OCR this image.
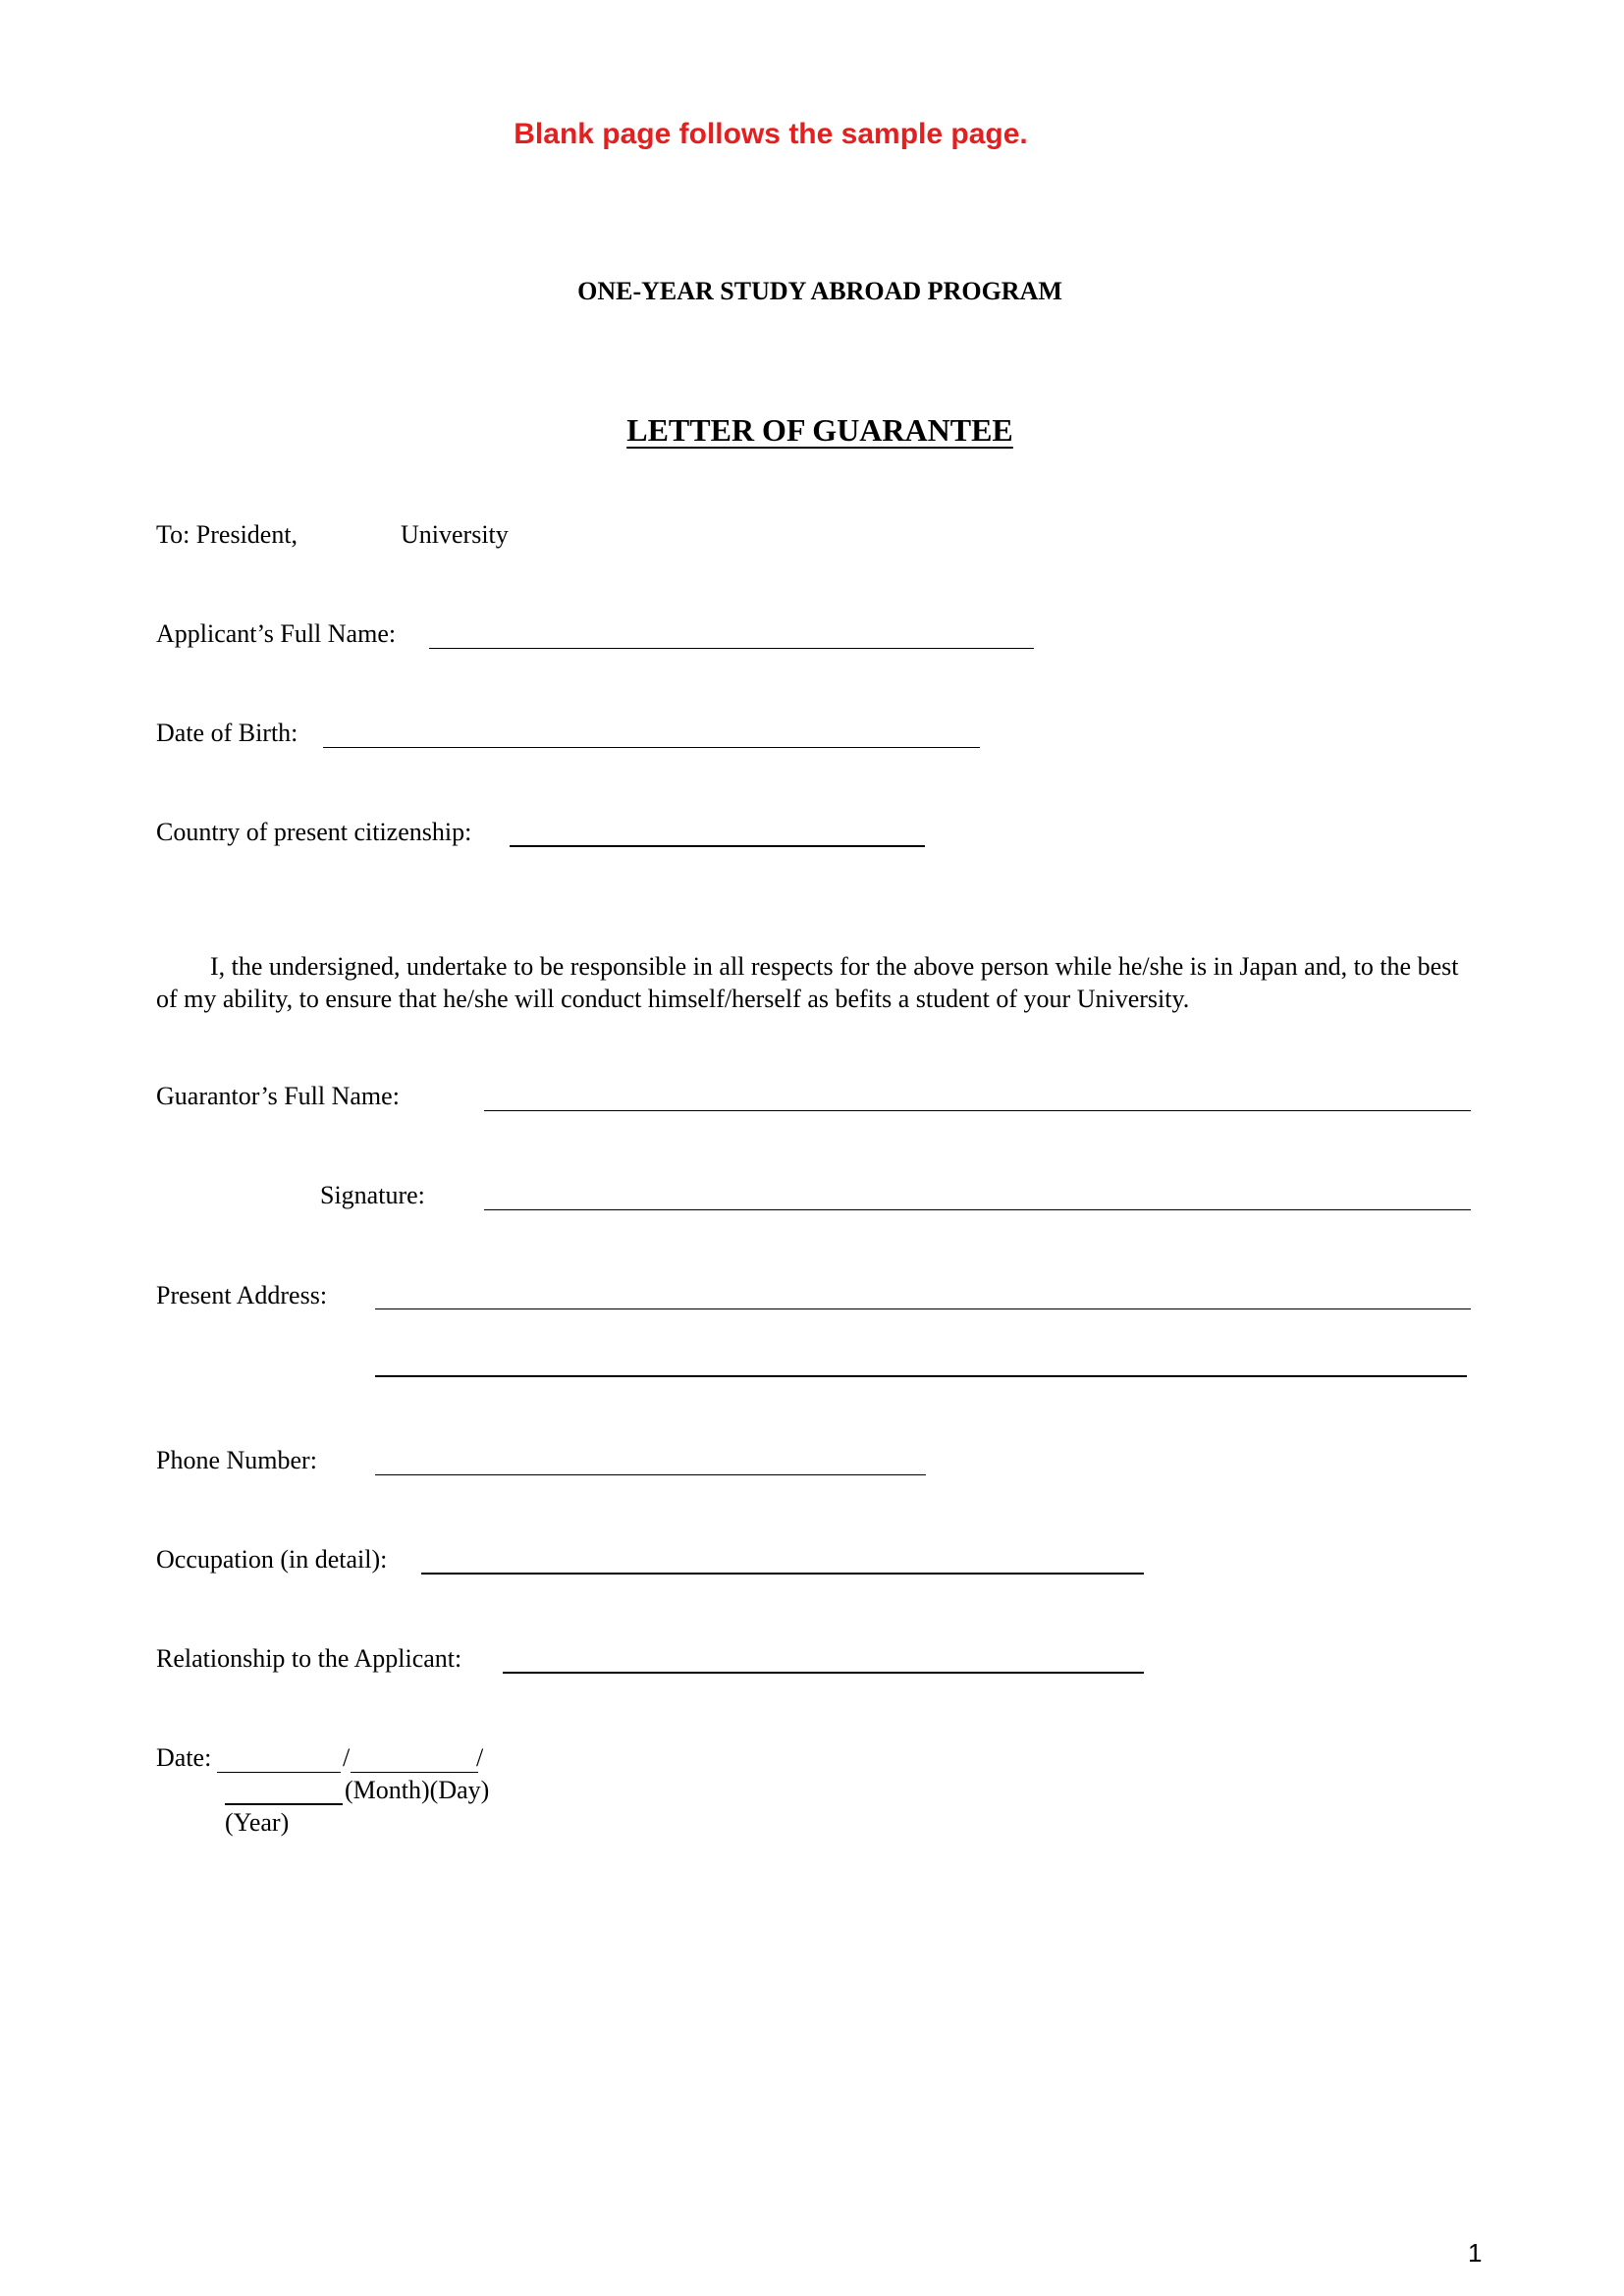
Blank page follows the sample page.
ONE-YEAR STUDY ABROAD PROGRAM
LETTER OF GUARANTEE
To: President,	University
Applicant’s Full Name:
Date of Birth:
Country of present citizenship:
I, the undersigned, undertake to be responsible in all respects for the above person while he/she is in Japan and, to the best of my ability, to ensure that he/she will conduct himself/herself as befits a student of your University.
Guarantor’s Full Name:
Signature:
Present Address:
Phone Number:
Occupation (in detail):
Relationship to the Applicant:
Date:	/	/
(Month)(Day)
(Year)
1
